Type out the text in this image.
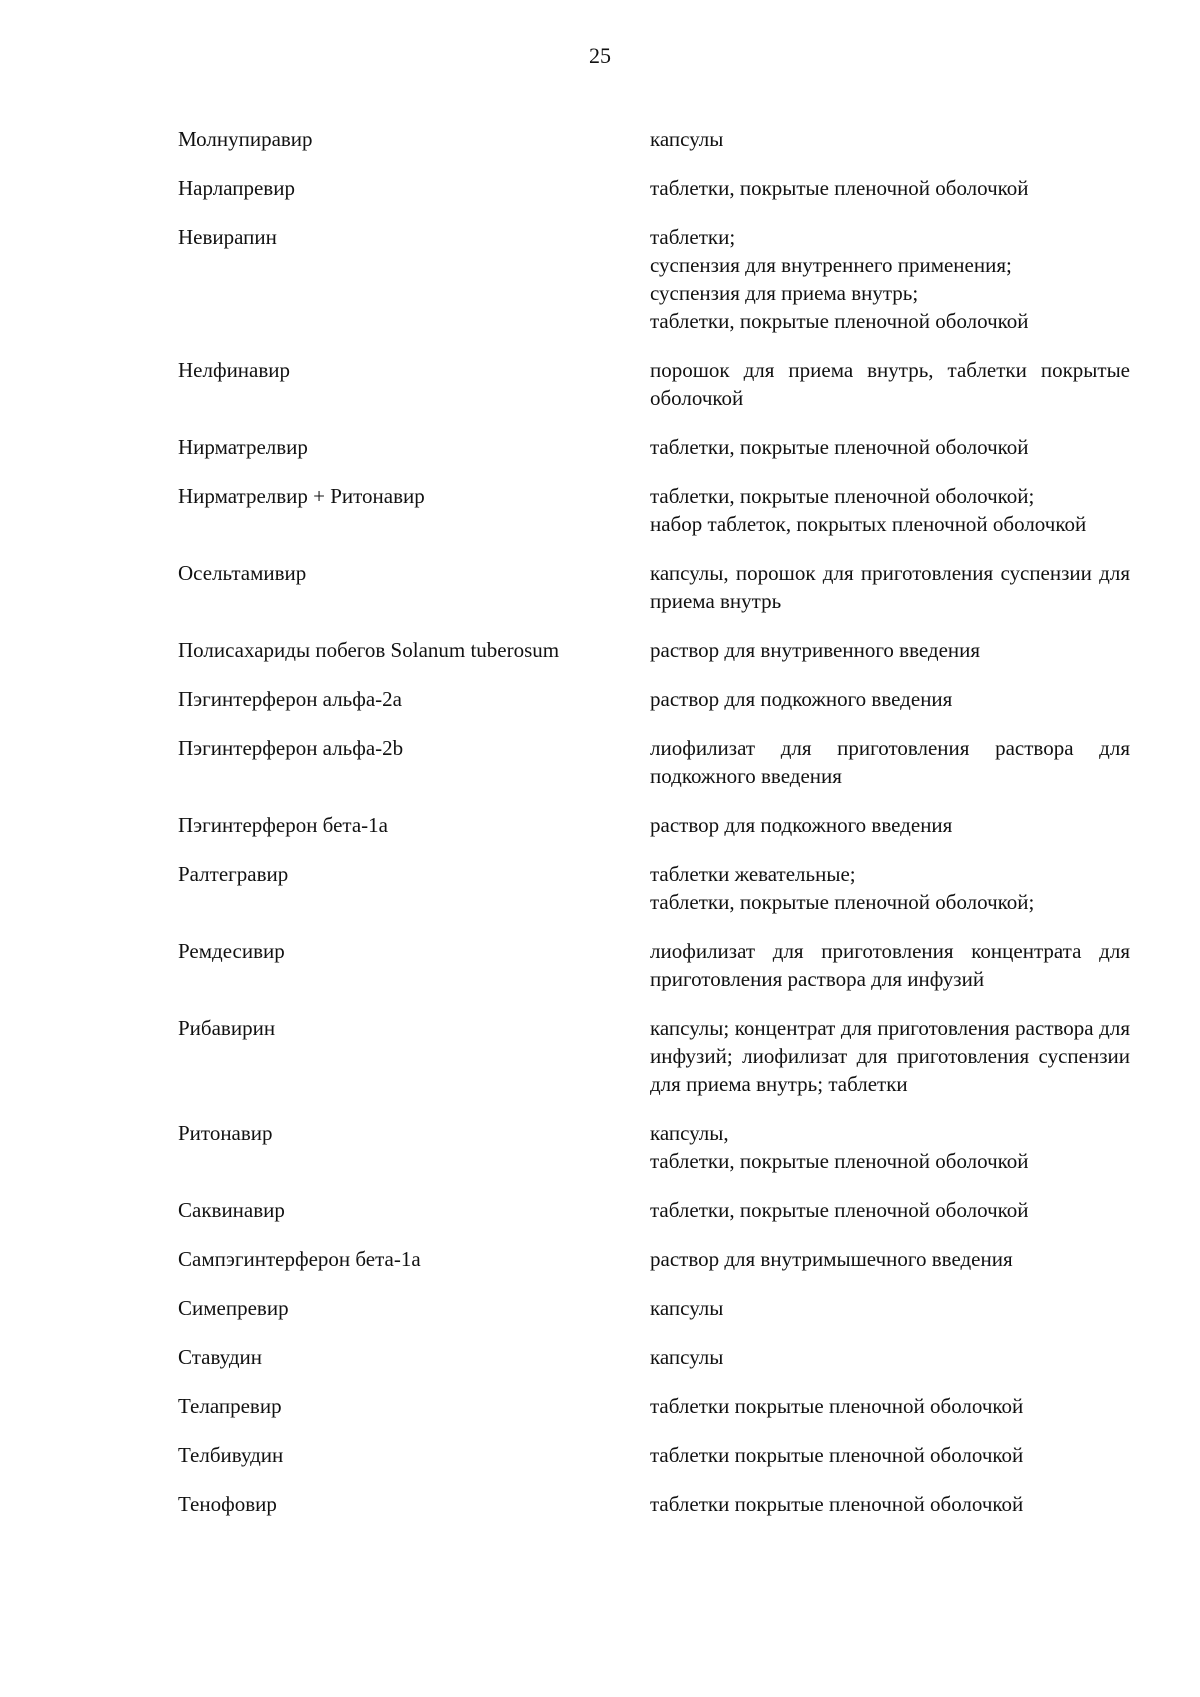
25
Молнупиравир	капсулы
Нарлапревир	таблетки, покрытые пленочной оболочкой
Невирапин	таблетки;
суспензия для внутреннего применения;
суспензия для приема внутрь;
таблетки, покрытые пленочной оболочкой
Нелфинавир	порошок для приема внутрь, таблетки покрытые оболочкой
Нирматрелвир	таблетки, покрытые пленочной оболочкой
Нирматрелвир + Ритонавир	таблетки, покрытые пленочной оболочкой;
набор таблеток, покрытых пленочной оболочкой
Осельтамивир	капсулы, порошок для приготовления суспензии для приема внутрь
Полисахариды побегов Solanum tuberosum	раствор для внутривенного введения
Пэгинтерферон альфа-2а	раствор для подкожного введения
Пэгинтерферон альфа-2b	лиофилизат для приготовления раствора для подкожного введения
Пэгинтерферон бета-1а	раствор для подкожного введения
Ралтегравир	таблетки жевательные;
таблетки, покрытые пленочной оболочкой;
Ремдесивир	лиофилизат для приготовления концентрата для приготовления раствора для инфузий
Рибавирин	капсулы; концентрат для приготовления раствора для инфузий; лиофилизат для приготовления суспензии для приема внутрь; таблетки
Ритонавир	капсулы,
таблетки, покрытые пленочной оболочкой
Саквинавир	таблетки, покрытые пленочной оболочкой
Сампэгинтерферон бета-1а	раствор для внутримышечного введения
Симепревир	капсулы
Ставудин	капсулы
Телапревир	таблетки покрытые пленочной оболочкой
Телбивудин	таблетки покрытые пленочной оболочкой
Тенофовир	таблетки покрытые пленочной оболочкой
